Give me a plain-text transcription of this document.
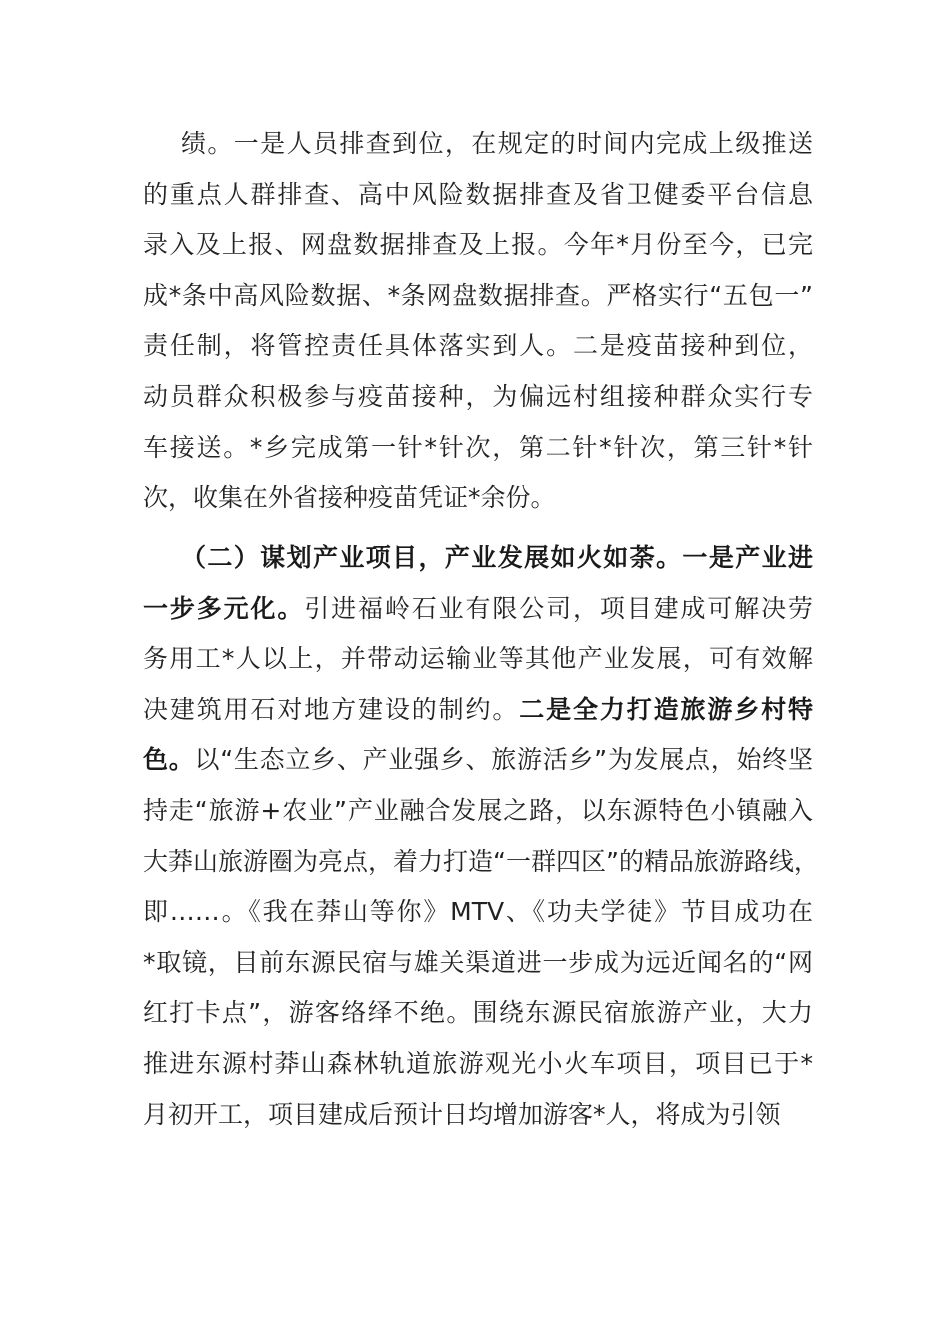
绩。一是人员排查到位，在规定的时间内完成上级推送
的重点人群排查、高中风险数据排查及省卫健委平台信息
录入及上报、网盘数据排查及上报。今年*月份至今，已完
成*条中高风险数据、*条网盘数据排查。严格实行“五包一”
责任制，将管控责任具体落实到人。二是疫苗接种到位，
动员群众积极参与疫苗接种，为偏远村组接种群众实行专
车接送。*乡完成第一针*针次，第二针*针次，第三针*针
次，收集在外省接种疫苗凭证*余份。
（二）谋划产业项目，产业发展如火如荼。一是产业进
一步多元化。引进福岭石业有限公司，项目建成可解决劳
务用工*人以上，并带动运输业等其他产业发展，可有效解
决建筑用石对地方建设的制约。二是全力打造旅游乡村特
色。以“生态立乡、产业强乡、旅游活乡”为发展点，始终坚
持走“旅游+农业”产业融合发展之路，以东源特色小镇融入
大莽山旅游圈为亮点，着力打造“一群四区”的精品旅游路线，
即……。《我在莽山等你》MTV、《功夫学徒》节目成功在
*取镜，目前东源民宿与雄关渠道进一步成为远近闻名的“网
红打卡点”，游客络绎不绝。围绕东源民宿旅游产业，大力
推进东源村莽山森林轨道旅游观光小火车项目，项目已于*
月初开工，项目建成后预计日均增加游客*人，将成为引领
